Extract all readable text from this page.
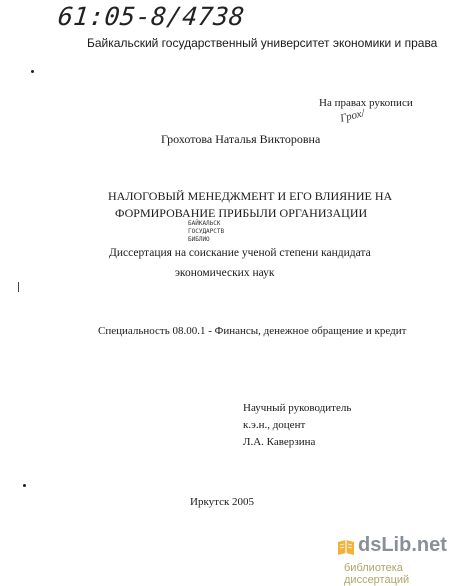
61:05-8/4738
Байкальский государственный университет экономики и права
На правах рукописи
Грох/
Грохотова Наталья Викторовна
НАЛОГОВЫЙ МЕНЕДЖМЕНТ И ЕГО ВЛИЯНИЕ НА
ФОРМИРОВАНИЕ ПРИБЫЛИ ОРГАНИЗАЦИИ
БАЙКАЛЬСК
ГОСУДАРСТВ
БИБЛИО
Диссертация на соискание ученой степени кандидата
экономических наук
Специальность 08.00.1 - Финансы, денежное обращение и кредит
Научный руководитель
к.э.н., доцент
Л.А. Каверзина
Иркутск 2005
dsLib.net
библиотека диссертаций
